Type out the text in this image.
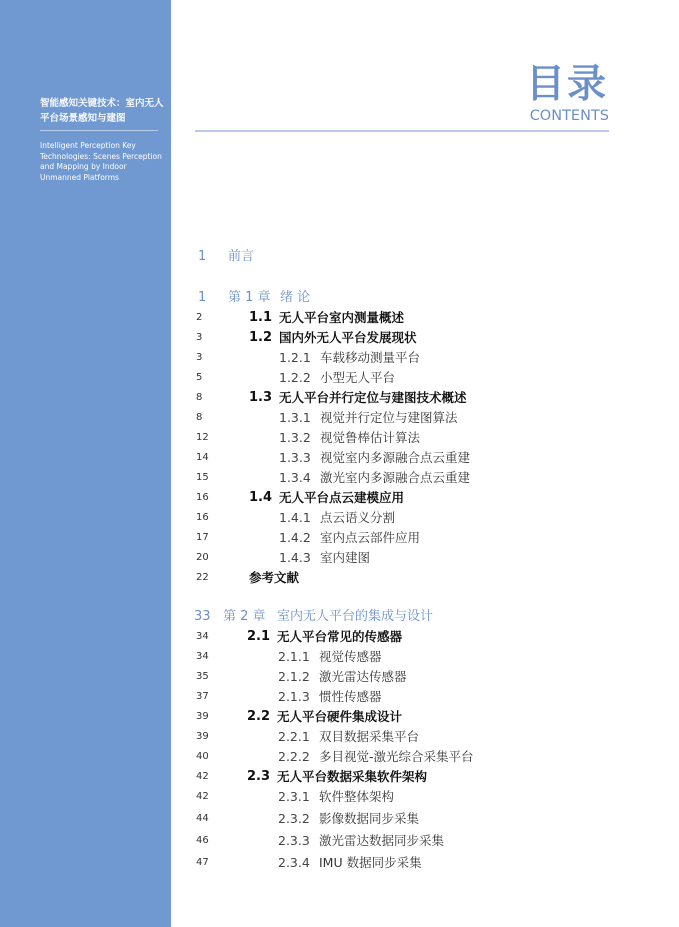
智能感知关键技术：室内无人平台场景感知与建图
Intelligent Perception Key Technologies: Scenes Perception and Mapping by Indoor Unmanned Platforms
目录
CONTENTS
1 前言
1 第 1 章 绪 论
2	1.1 无人平台室内测量概述
3	1.2 国内外无人平台发展现状
3	1.2.1 车载移动测量平台
5	1.2.2 小型无人平台
8	1.3 无人平台并行定位与建图技术概述
8	1.3.1 视觉并行定位与建图算法
12	1.3.2 视觉鲁棒估计算法
14	1.3.3 视觉室内多源融合点云重建
15	1.3.4 激光室内多源融合点云重建
16	1.4 无人平台点云建模应用
16	1.4.1 点云语义分割
17	1.4.2 室内点云部件应用
20	1.4.3 室内建图
22	参考文献
33 第 2 章 室内无人平台的集成与设计
34	2.1 无人平台常见的传感器
34	2.1.1 视觉传感器
35	2.1.2 激光雷达传感器
37	2.1.3 惯性传感器
39	2.2 无人平台硬件集成设计
39	2.2.1 双目数据采集平台
40	2.2.2 多目视觉-激光综合采集平台
42	2.3 无人平台数据采集软件架构
42	2.3.1 软件整体架构
44	2.3.2 影像数据同步采集
46	2.3.3 激光雷达数据同步采集
47	2.3.4 IMU 数据同步采集
